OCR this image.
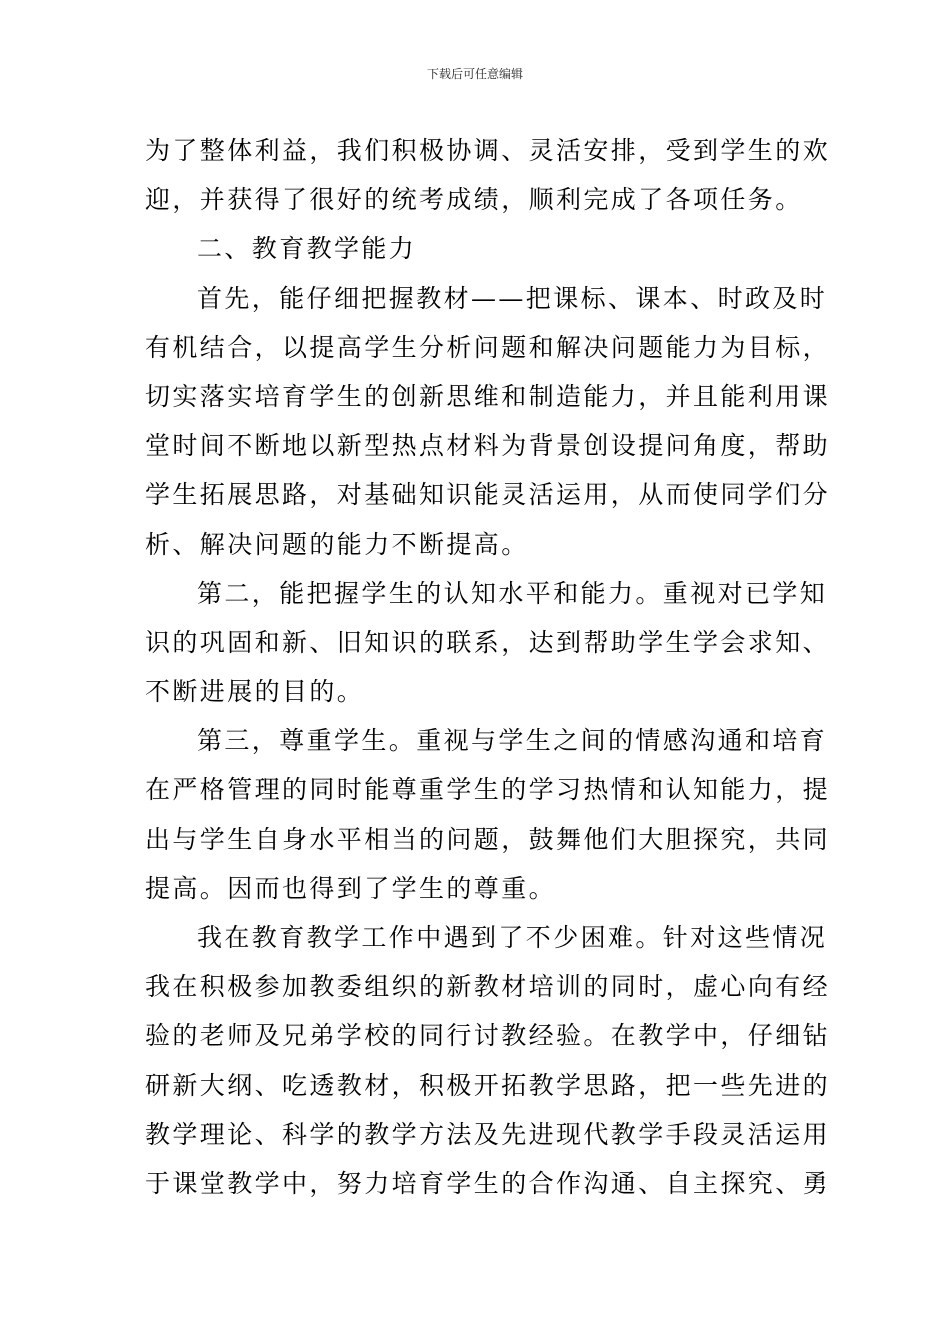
下载后可任意编辑
为了整体利益，我们积极协调、灵活安排，受到学生的欢
迎，并获得了很好的统考成绩，顺利完成了各项任务。
二、教育教学能力
首先，能仔细把握教材——把课标、课本、时政及时
有机结合，以提高学生分析问题和解决问题能力为目标，
切实落实培育学生的创新思维和制造能力，并且能利用课
堂时间不断地以新型热点材料为背景创设提问角度，帮助
学生拓展思路，对基础知识能灵活运用，从而使同学们分
析、解决问题的能力不断提高。
第二，能把握学生的认知水平和能力。重视对已学知
识的巩固和新、旧知识的联系，达到帮助学生学会求知、
不断进展的目的。
第三，尊重学生。重视与学生之间的情感沟通和培育
在严格管理的同时能尊重学生的学习热情和认知能力，提
出与学生自身水平相当的问题，鼓舞他们大胆探究，共同
提高。因而也得到了学生的尊重。
我在教育教学工作中遇到了不少困难。针对这些情况
我在积极参加教委组织的新教材培训的同时，虚心向有经
验的老师及兄弟学校的同行讨教经验。在教学中，仔细钻
研新大纲、吃透教材，积极开拓教学思路，把一些先进的
教学理论、科学的教学方法及先进现代教学手段灵活运用
于课堂教学中，努力培育学生的合作沟通、自主探究、勇
